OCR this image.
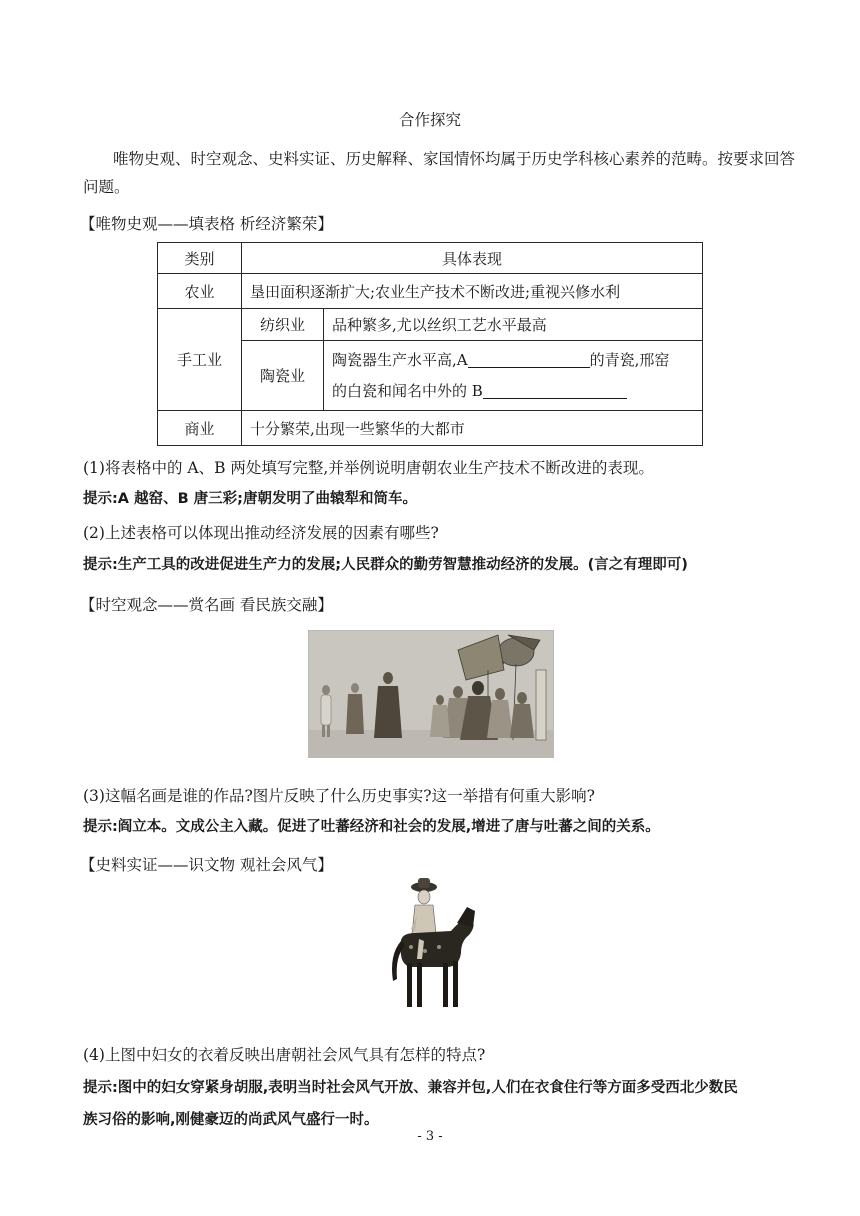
合作探究
唯物史观、时空观念、史料实证、历史解释、家国情怀均属于历史学科核心素养的范畴。按要求回答
问题。
【唯物史观——填表格 析经济繁荣】
类别	具体表现	
农业	垦田面积逐渐扩大;农业生产技术不断改进;重视兴修水利	
手工业	纺织业	品种繁多,尤以丝织工艺水平最高
	陶瓷业	陶瓷器生产水平高,A 的青瓷,邢窑
的白瓷和闻名中外的 B

商业	十分繁荣,出现一些繁华的大都市	
(1)将表格中的 A、B 两处填写完整,并举例说明唐朝农业生产技术不断改进的表现。
提示:A 越窑、B 唐三彩;唐朝发明了曲辕犁和筒车。
(2)上述表格可以体现出推动经济发展的因素有哪些?
提示:生产工具的改进促进生产力的发展;人民群众的勤劳智慧推动经济的发展。(言之有理即可)
【时空观念——赏名画 看民族交融】
(3)这幅名画是谁的作品?图片反映了什么历史事实?这一举措有何重大影响?
提示:阎立本。文成公主入藏。促进了吐蕃经济和社会的发展,增进了唐与吐蕃之间的关系。
【史料实证——识文物 观社会风气】
(4)上图中妇女的衣着反映出唐朝社会风气具有怎样的特点?
提示:图中的妇女穿紧身胡服,表明当时社会风气开放、兼容并包,人们在衣食住行等方面多受西北少数民
族习俗的影响,刚健豪迈的尚武风气盛行一时。
- 3 -
